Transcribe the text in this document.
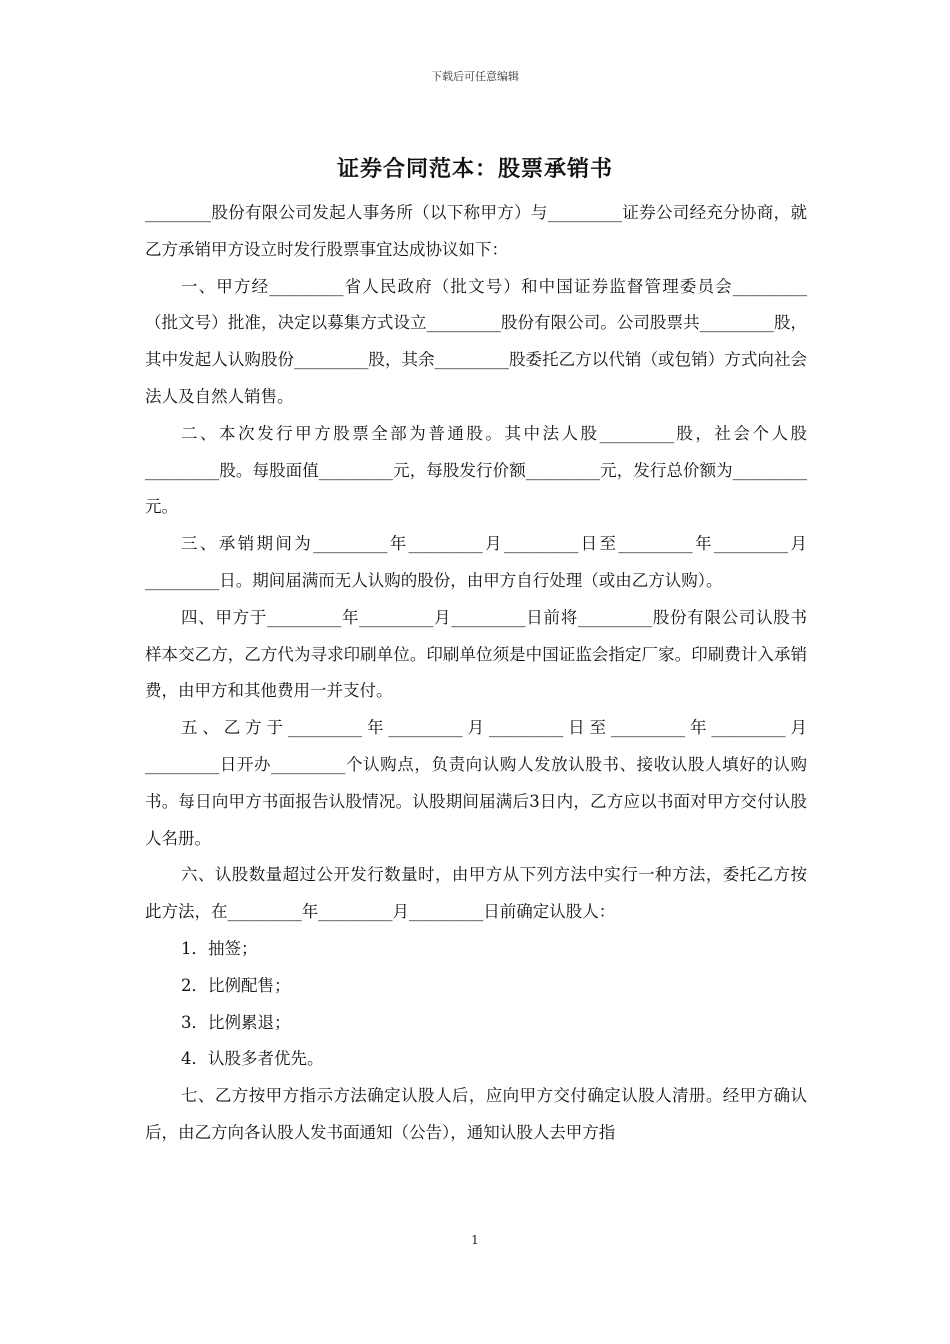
下载后可任意编辑
证券合同范本：股票承销书

________股份有限公司发起人事务所（以下称甲方）与_________证券公司经充分协商，就乙方承销甲方设立时发行股票事宜达成协议如下：

一、甲方经_________省人民政府（批文号）和中国证券监督管理委员会_________（批文号）批准，决定以募集方式设立_________股份有限公司。公司股票共_________股，其中发起人认购股份_________股，其余_________股委托乙方以代销（或包销）方式向社会法人及自然人销售。

二、本次发行甲方股票全部为普通股。其中法人股_________股，社会个人股_________股。每股面值_________元，每股发行价额_________元，发行总价额为_________元。

三、承销期间为_________年_________月_________日至_________年_________月_________日。期间届满而无人认购的股份，由甲方自行处理（或由乙方认购）。

四、甲方于_________年_________月_________日前将_________股份有限公司认股书样本交乙方，乙方代为寻求印刷单位。印刷单位须是中国证监会指定厂家。印刷费计入承销费，由甲方和其他费用一并支付。

五、乙方于_________年_________月_________日至_________年_________月_________日开办_________个认购点，负责向认购人发放认股书、接收认股人填好的认购书。每日向甲方书面报告认股情况。认股期间届满后3日内，乙方应以书面对甲方交付认股人名册。

六、认股数量超过公开发行数量时，由甲方从下列方法中实行一种方法，委托乙方按此方法，在_________年_________月_________日前确定认股人：

1．抽签；

2．比例配售；

3．比例累退；

4．认股多者优先。

七、乙方按甲方指示方法确定认股人后，应向甲方交付确定认股人清册。经甲方确认后，由乙方向各认股人发书面通知（公告），通知认股人去甲方指

1
